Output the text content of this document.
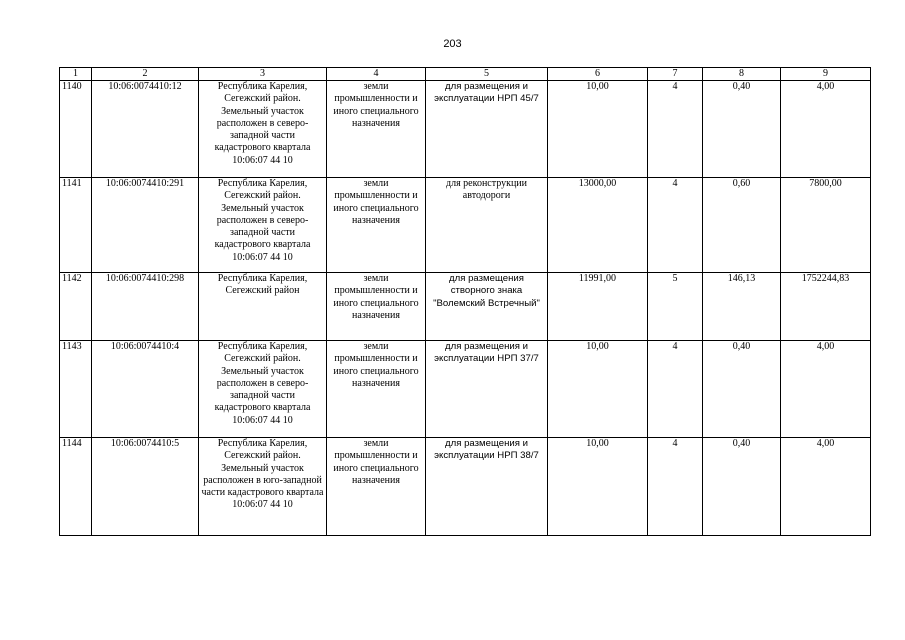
203
1	2	3	4	5	6	7	8	9
1140	10:06:0074410:12	Республика Карелия, Сегежский район. Земельный участок расположен в северо-западной части кадастрового квартала 10:06:07 44 10	земли промышленности и иного специального назначения	для размещения и эксплуатации НРП 45/7	10,00	4	0,40	4,00
1141	10:06:0074410:291	Республика Карелия, Сегежский район. Земельный участок расположен в северо-западной части кадастрового квартала 10:06:07 44 10	земли промышленности и иного специального назначения	для реконструкции автодороги	13000,00	4	0,60	7800,00
1142	10:06:0074410:298	Республика Карелия, Сегежский район	земли промышленности и иного специального назначения	для размещения створного знака "Волемский Встречный"	11991,00	5	146,13	1752244,83
1143	10:06:0074410:4	Республика Карелия, Сегежский район. Земельный участок расположен в северо-западной части кадастрового квартала 10:06:07 44 10	земли промышленности и иного специального назначения	для размещения и эксплуатации НРП 37/7	10,00	4	0,40	4,00
1144	10:06:0074410:5	Республика Карелия, Сегежский район. Земельный участок расположен в юго-западной части кадастрового квартала 10:06:07 44 10	земли промышленности и иного специального назначения	для размещения и эксплуатации НРП 38/7	10,00	4	0,40	4,00
